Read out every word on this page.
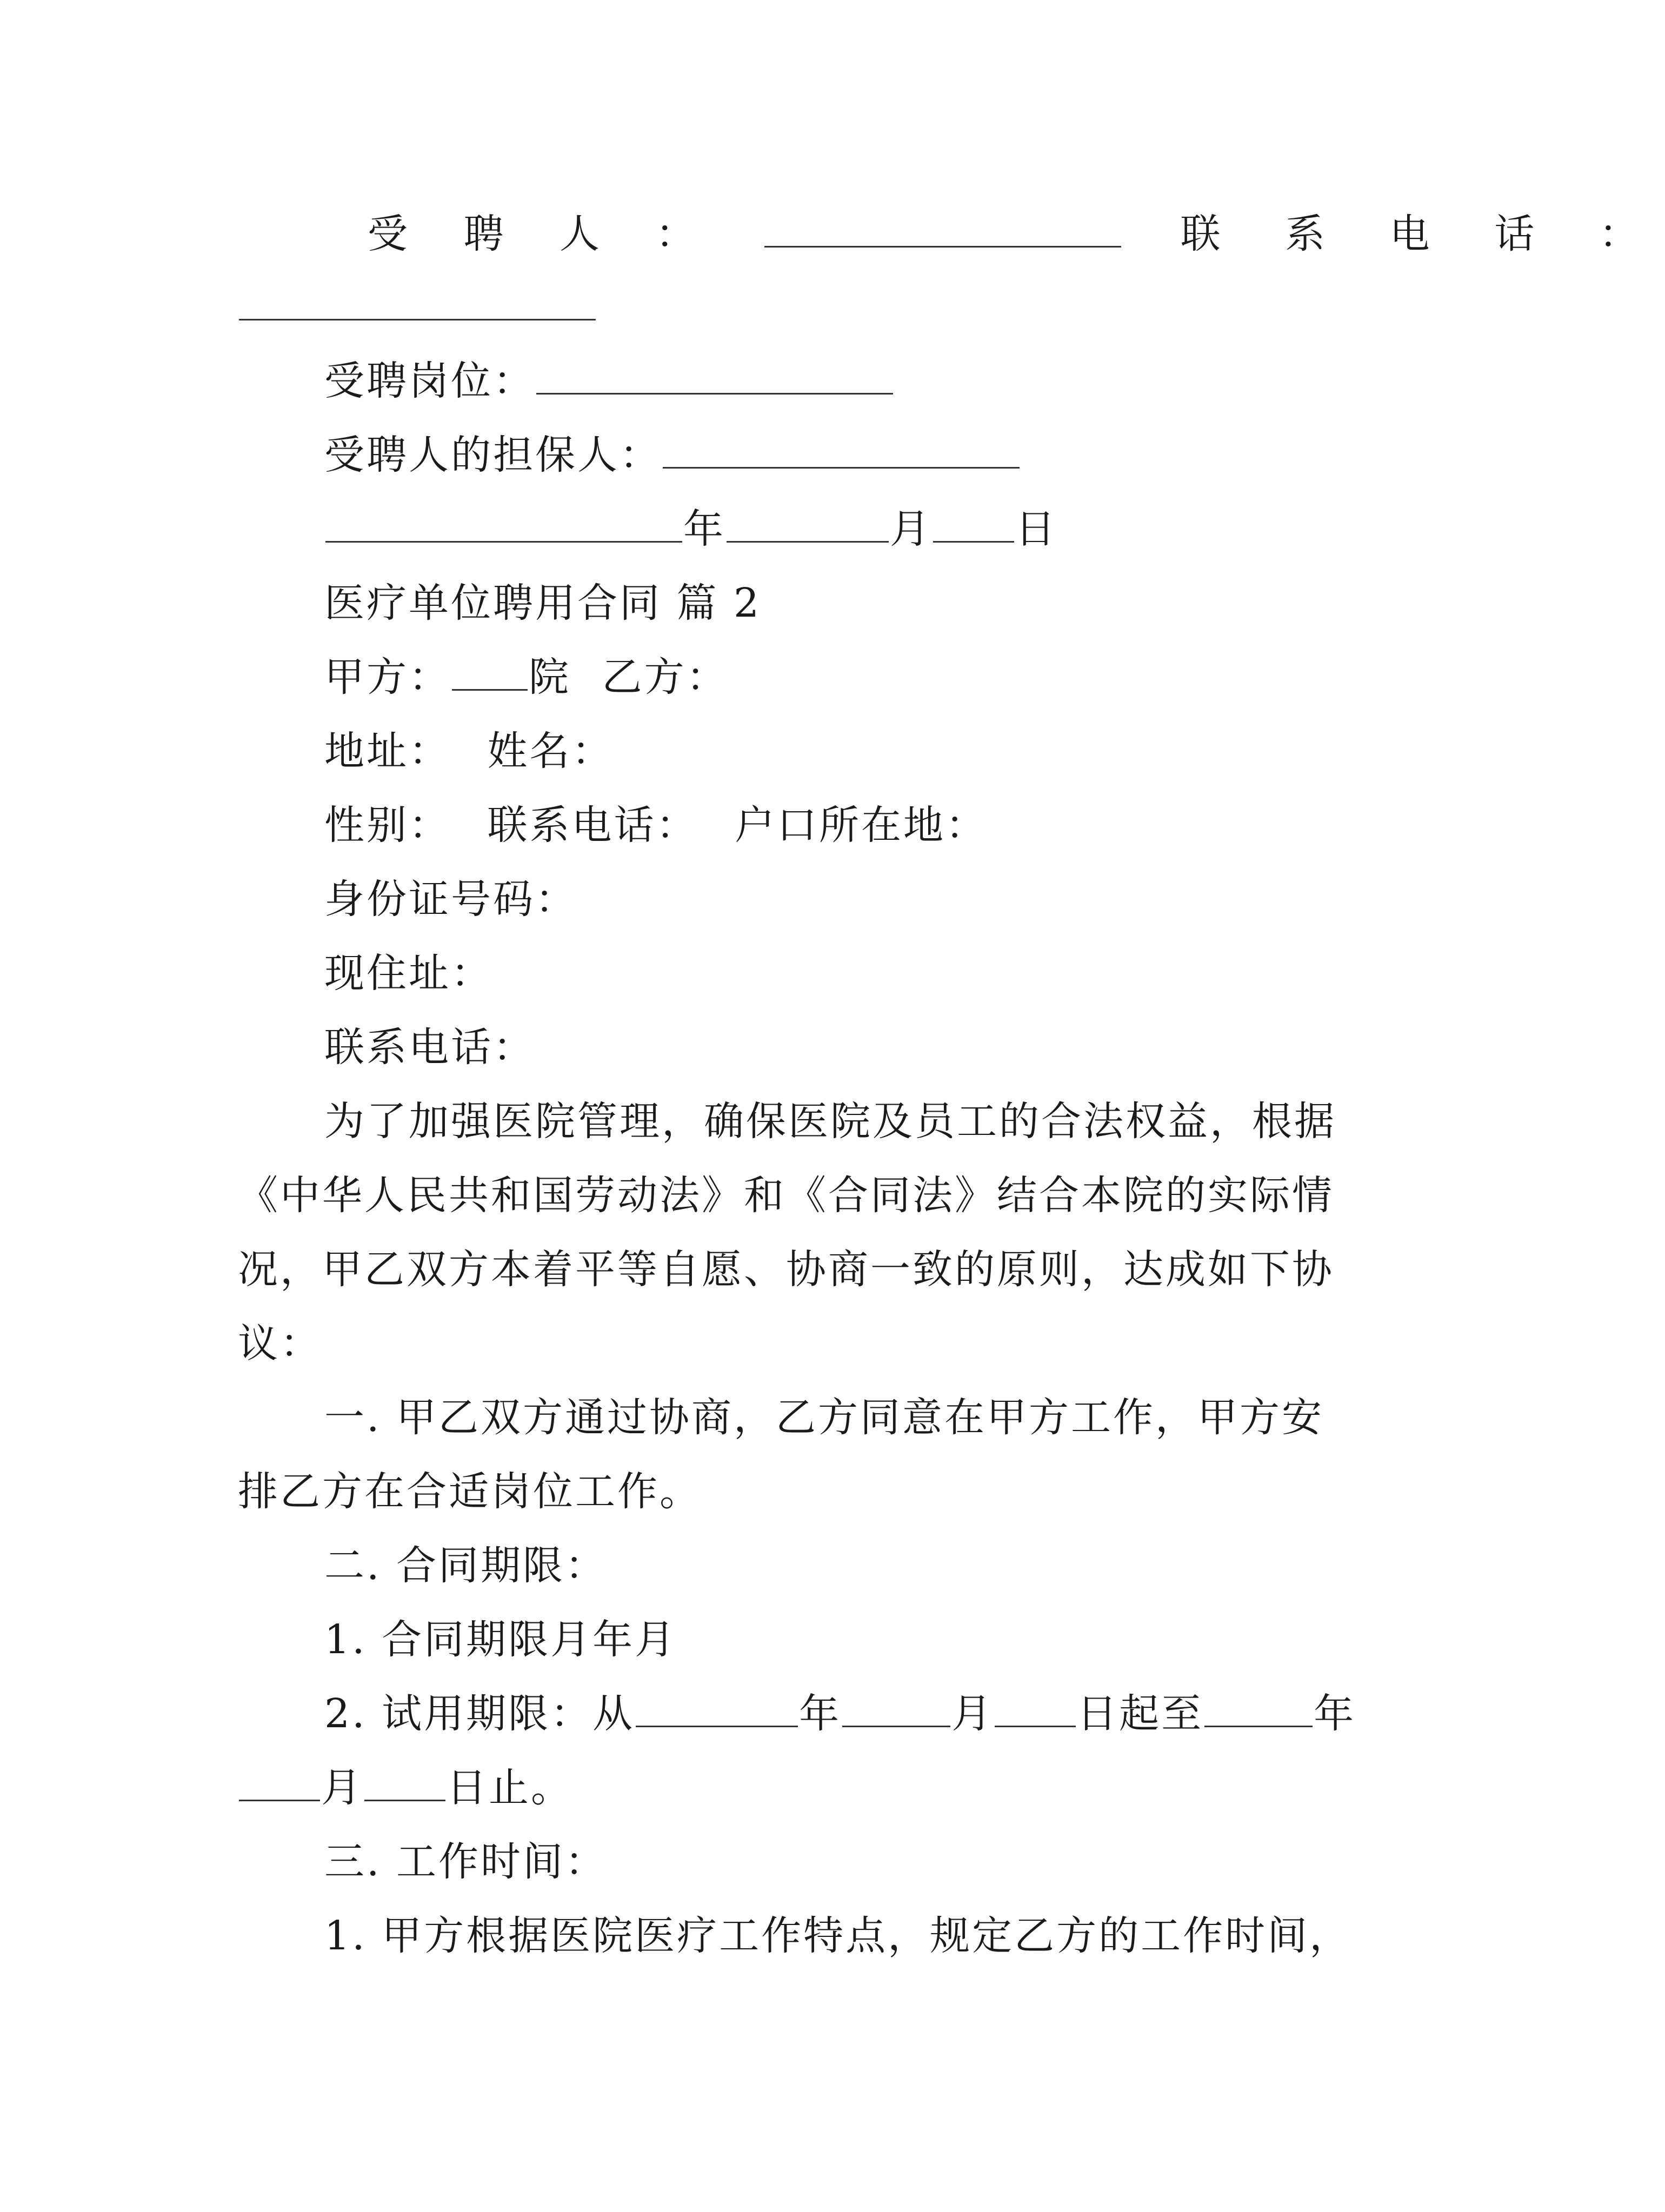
受 聘 人 ：	联 系 电 话 ：
受聘岗位：
受聘人的担保人：
年	月 日
医疗单位聘用合同 篇 2
甲方： 院 乙方：
地址： 姓名：
性别： 联系电话： 户口所在地：
身份证号码：
现住址：
联系电话：
为了加强医院管理，确保医院及员工的合法权益，根据
《中华人民共和国劳动法》和《合同法》结合本院的实际情
况，甲乙双方本着平等自愿、协商一致的原则，达成如下协
议：
一. 甲乙双方通过协商，乙方同意在甲方工作，甲方安
排乙方在合适岗位工作。
二. 合同期限：
1. 合同期限月年月
2. 试用期限：从	年	月 日起至	年
月 日止。
三. 工作时间：
1. 甲方根据医院医疗工作特点，规定乙方的工作时间，
